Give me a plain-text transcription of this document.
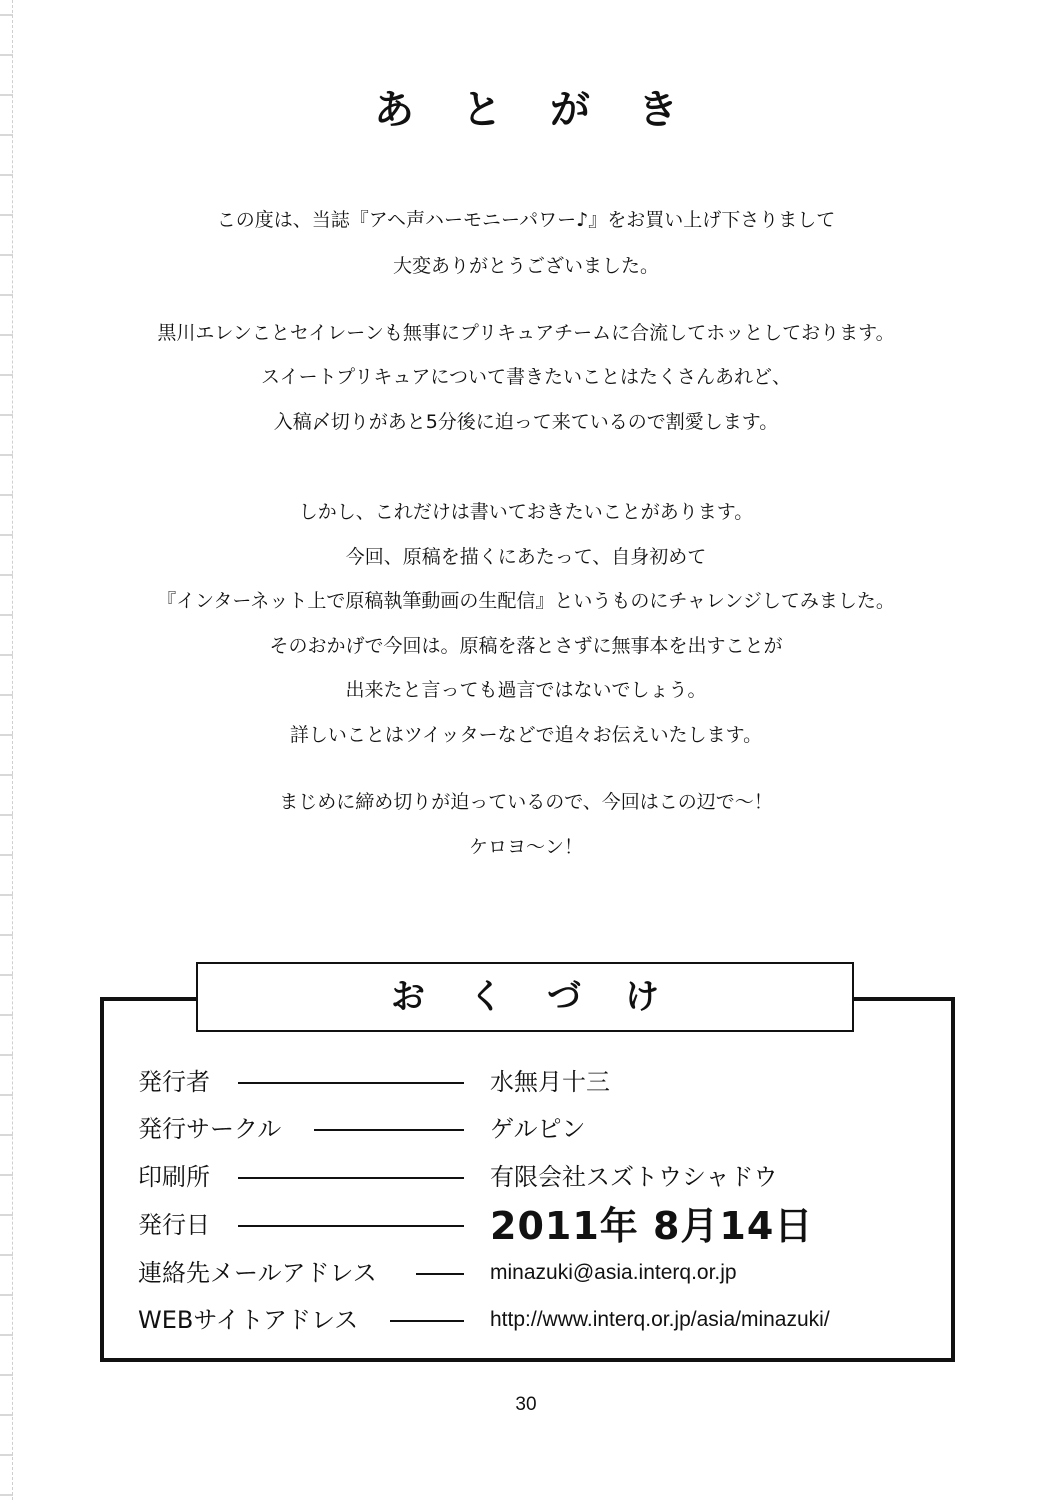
あとがき
この度は、当誌『アヘ声ハーモニーパワー♪』をお買い上げ下さりまして
大変ありがとうございました。
黒川エレンことセイレーンも無事にプリキュアチームに合流してホッとしております。
スイートプリキュアについて書きたいことはたくさんあれど、
入稿〆切りがあと5分後に迫って来ているので割愛します。
しかし、これだけは書いておきたいことがあります。
今回、原稿を描くにあたって、自身初めて
『インターネット上で原稿執筆動画の生配信』というものにチャレンジしてみました。
そのおかげで今回は。原稿を落とさずに無事本を出すことが
出来たと言っても過言ではないでしょう。
詳しいことはツイッターなどで追々お伝えいたします。
まじめに締め切りが迫っているので、今回はこの辺で〜！
ケロヨ〜ン！
おくづけ
発行者	水無月十三
発行サークル	ゲルピン
印刷所	有限会社スズトウシャドウ
発行日	2011年 8月14日
連絡先メールアドレス	minazuki@asia.interq.or.jp
WEBサイトアドレス	http://www.interq.or.jp/asia/minazuki/
30
